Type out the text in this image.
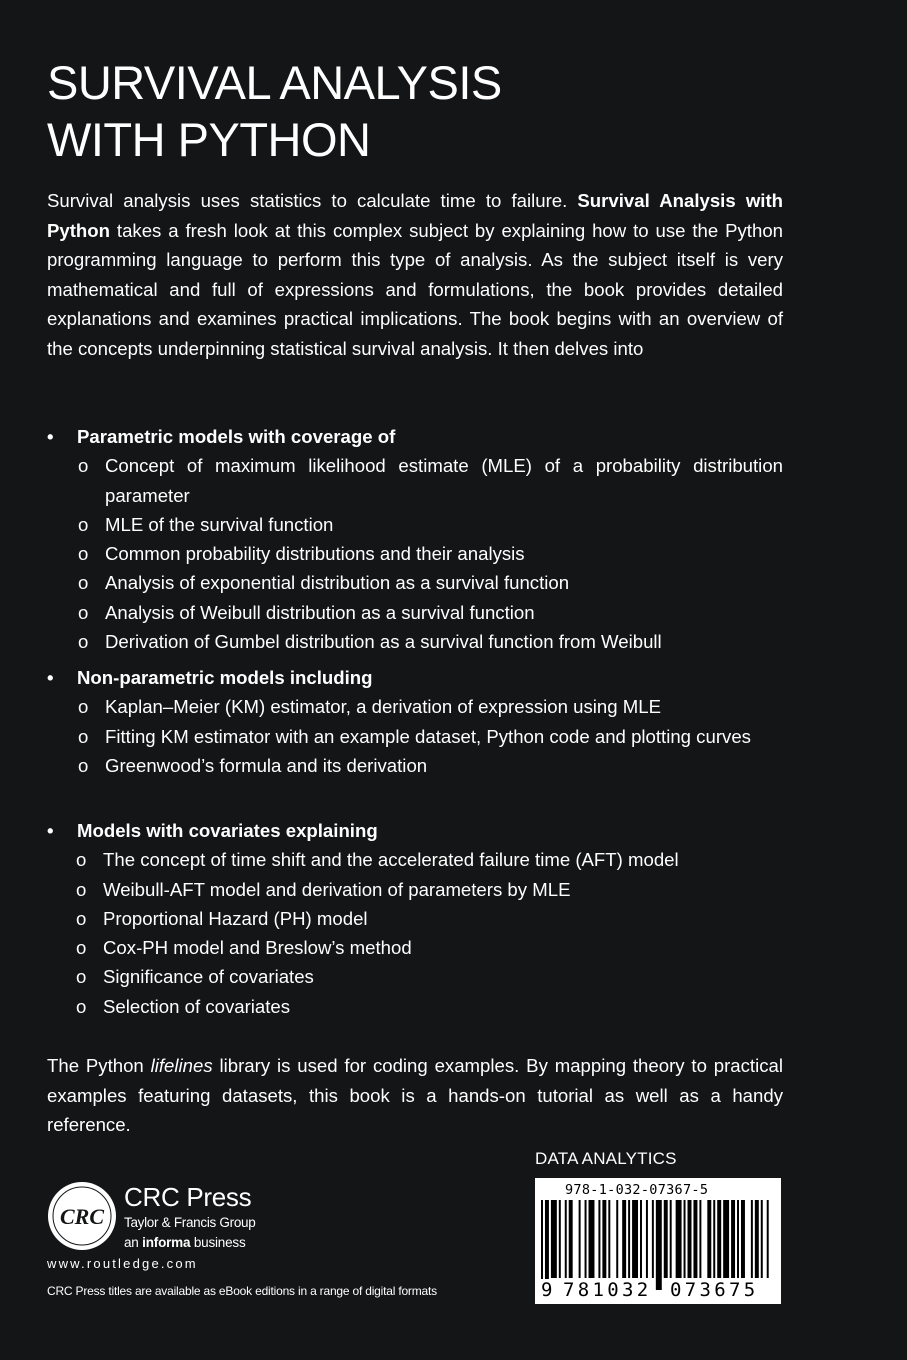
SURVIVAL ANALYSIS
WITH PYTHON

Survival analysis uses statistics to calculate time to failure. Survival Analysis with Python takes a fresh look at this complex subject by explaining how to use the Python programming language to perform this type of analysis. As the subject itself is very mathematical and full of expressions and formulations, the book provides detailed explanations and examines practical implications. The book begins with an overview of the concepts underpinning statistical survival analysis. It then delves into

•	Parametric models with coverage of
o Concept of maximum likelihood estimate (MLE) of a probability distribution parameter
o MLE of the survival function
o Common probability distributions and their analysis
o Analysis of exponential distribution as a survival function
o Analysis of Weibull distribution as a survival function
o Derivation of Gumbel distribution as a survival function from Weibull
•	Non-parametric models including
o Kaplan–Meier (KM) estimator, a derivation of expression using MLE
o Fitting KM estimator with an example dataset, Python code and plotting curves
o Greenwood’s formula and its derivation
•	Models with covariates explaining
o The concept of time shift and the accelerated failure time (AFT) model
o Weibull-AFT model and derivation of parameters by MLE
o Proportional Hazard (PH) model
o Cox-PH model and Breslow’s method
o Significance of covariates
o Selection of covariates

The Python lifelines library is used for coding examples. By mapping theory to practical examples featuring datasets, this book is a hands-on tutorial as well as a handy reference.

DATA ANALYTICS
978-1-032-07367-5
9 781032 073675
CRC
CRC Press
Taylor & Francis Group
an informa business
www.routledge.com
CRC Press titles are available as eBook editions in a range of digital formats
